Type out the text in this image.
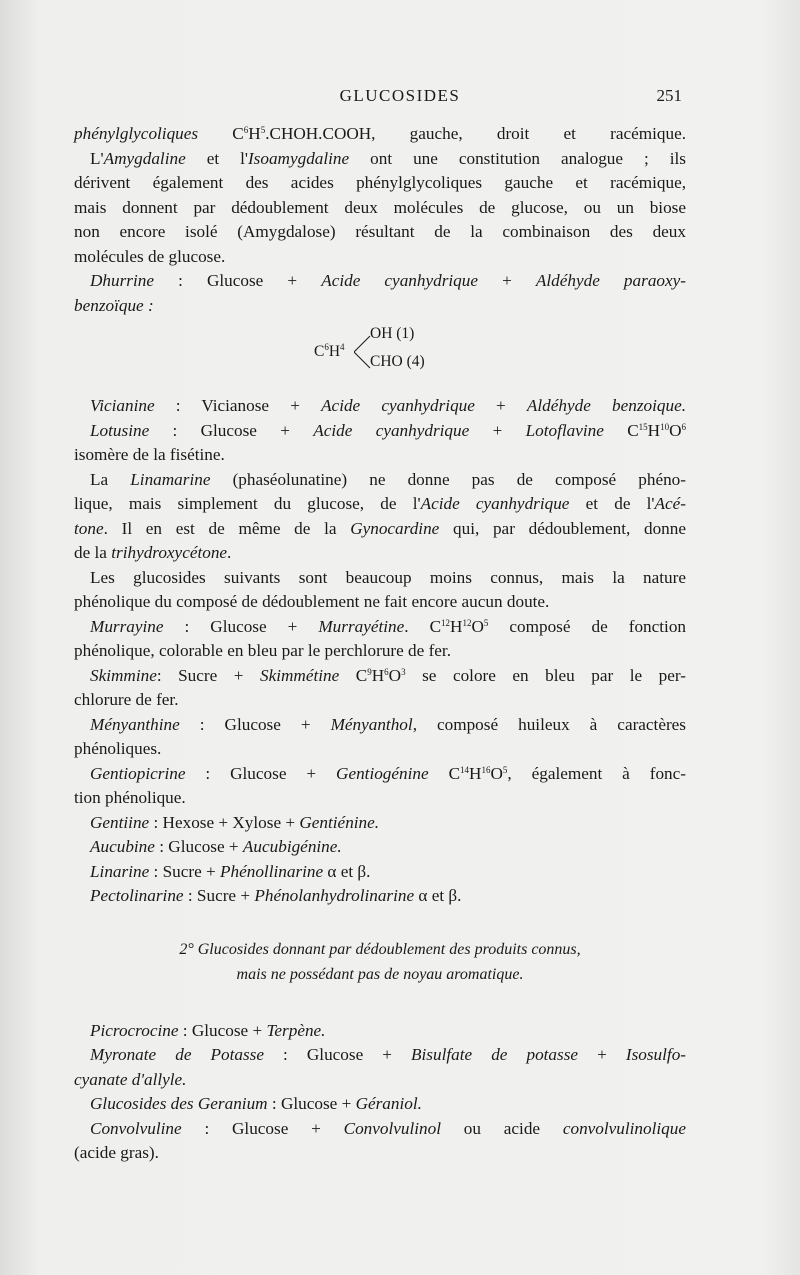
GLUCOSIDES	251
phénylglycoliques $C^6H^5.CHOH.COOH$, gauche, droit et racémique.
L'Amygdaline et l'Isoamygdaline ont une constitution analogue ; ils
dérivent également des acides phénylglycoliques gauche et racémique,
mais donnent par dédoublement deux molécules de glucose, ou un biose
non encore isolé (Amygdalose) résultant de la combinaison des deux
molécules de glucose.
Dhurrine : Glucose + Acide cyanhydrique + Aldéhyde paraoxy-
benzoïque :
$C^6H^4$
OH (1)
CHO (4)
Vicianine : Vicianose + Acide cyanhydrique + Aldéhyde benzoique.
Lotusine : Glucose + Acide cyanhydrique + Lotoflavine $C^{15}H^{10}O^6$
isomère de la fisétine.
La Linamarine (phaséolunatine) ne donne pas de composé phéno-
lique, mais simplement du glucose, de l'Acide cyanhydrique et de l'Acé-
tone. Il en est de même de la Gynocardine qui, par dédoublement, donne
de la trihydroxycétone.
Les glucosides suivants sont beaucoup moins connus, mais la nature
phénolique du composé de dédoublement ne fait encore aucun doute.
Murrayine : Glucose + Murrayétine. $C^{12}H^{12}O^5$ composé de fonction
phénolique, colorable en bleu par le perchlorure de fer.
Skimmine: Sucre + Skimmétine $C^9H^6O^3$ se colore en bleu par le per-
chlorure de fer.
Ményanthine : Glucose + Ményanthol, composé huileux à caractères
phénoliques.
Gentiopicrine : Glucose + Gentiogénine $C^{14}H^{16}O^5$, également à fonc-
tion phénolique.
Gentiine : Hexose + Xylose + Gentiénine.
Aucubine : Glucose + Aucubigénine.
Linarine : Sucre + Phénollinarine α et β.
Pectolinarine : Sucre + Phénolanhydrolinarine α et β.
2° Glucosides donnant par dédoublement des produits connus,
mais ne possédant pas de noyau aromatique.
Picrocrocine : Glucose + Terpène.
Myronate de Potasse : Glucose + Bisulfate de potasse + Isosulfo-
cyanate d'allyle.
Glucosides des Geranium : Glucose + Géraniol.
Convolvuline : Glucose + Convolvulinol ou acide convolvulinolique
(acide gras).
